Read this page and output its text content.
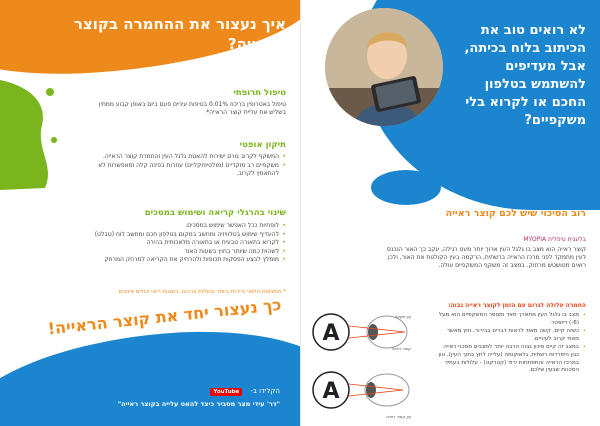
איך נעצור את ההחמרה בקוצר הראייה?
טיפול תרופתי
טיפול באטרופין בריכוז 0.01% בטיפות עיניים פעם ביום באופן קבוע ממתין בשליש את עליית קוצר הראייה*
תיקון אופטי
• המשקף לקרוב גורם ישירות להאטת גלגל העין והחמרת קוצר הראייה.
• משקפיים רב מוקדיים (מולטיפוקליים) עוזרות בפינה קלה ומאפשרות לא להתאמץ לקרוב.
שינוי בהרגלי קריאה ושימוש במסכים
• לופחיות ככל האפשר שימוש במסכים.
• להעדיף שימוש בטלוויזיה ומחשב במקום בטלפון חכם ומחשב לוח (טבלט)
• לקרוא בתאורה טבעית או בתאורה מלאכותית בהירה
• לשהות כמה שיותר בחוץ בשעות האור
• מומלץ לבצע הפסקות תכופות ולהרחיק את הקריאה למרחק המרחק
* ממצאות הלואי נדירות ביותר ובעלות צרבות, בשונות רואי יכולים אינטים
כך נעצור יחד את קוצר הראייה!
הקלידו ב- YouTube
"דר' עידי מצר מסביר כיצד להאט עלייה בקוצר ראייה"
לא רואים טוב את הכיתוב בלוח בכיתה, אבל מעדיפים להשתמש בטלפון החכם או לקרוא בלי משקפיים?
רוב הסיכוי שיש לכם קוצר ראייה
בלעגית טיפלית MYOPIA
קוצר ראייה הוא מצב בו גלגל העין ארוך יותר מעט רגילה, עקב כך האור הנכנס לעין מתמקד לפני מרכז הראייה ברשתית, הרקמה בעין הקולטת את האור, ולכן רואים מטושטש מרחוק. במצב זה משקף המשקפיים עולה.
החמרה עלולה לגרום עם הזמן לקוצר ראייה גבוה:
• מצב בו גלגל העין מתארך מאד ומספר המשקפיים הוא מעל (6-) דיופטר.
• כשזה קיים, קשה מאוד לראות דברים בבירור, חוץ מאשר מאוד קרוב לעיניים.
• במצב זה קיים סיכון גבוה הרבה יותר למצבים מסכני ראייה כגון היפרדות רשתית, גלאוקומה (עלייה לחץ בתוך העין), נוון במרכז הראייה והתפתחות ירוד (קטרקט) - עלולות בעתיד הסכנות שבעין שלכם.
A
עין תקינה
קוצר ראייה
A
עין קוצר ראייה
